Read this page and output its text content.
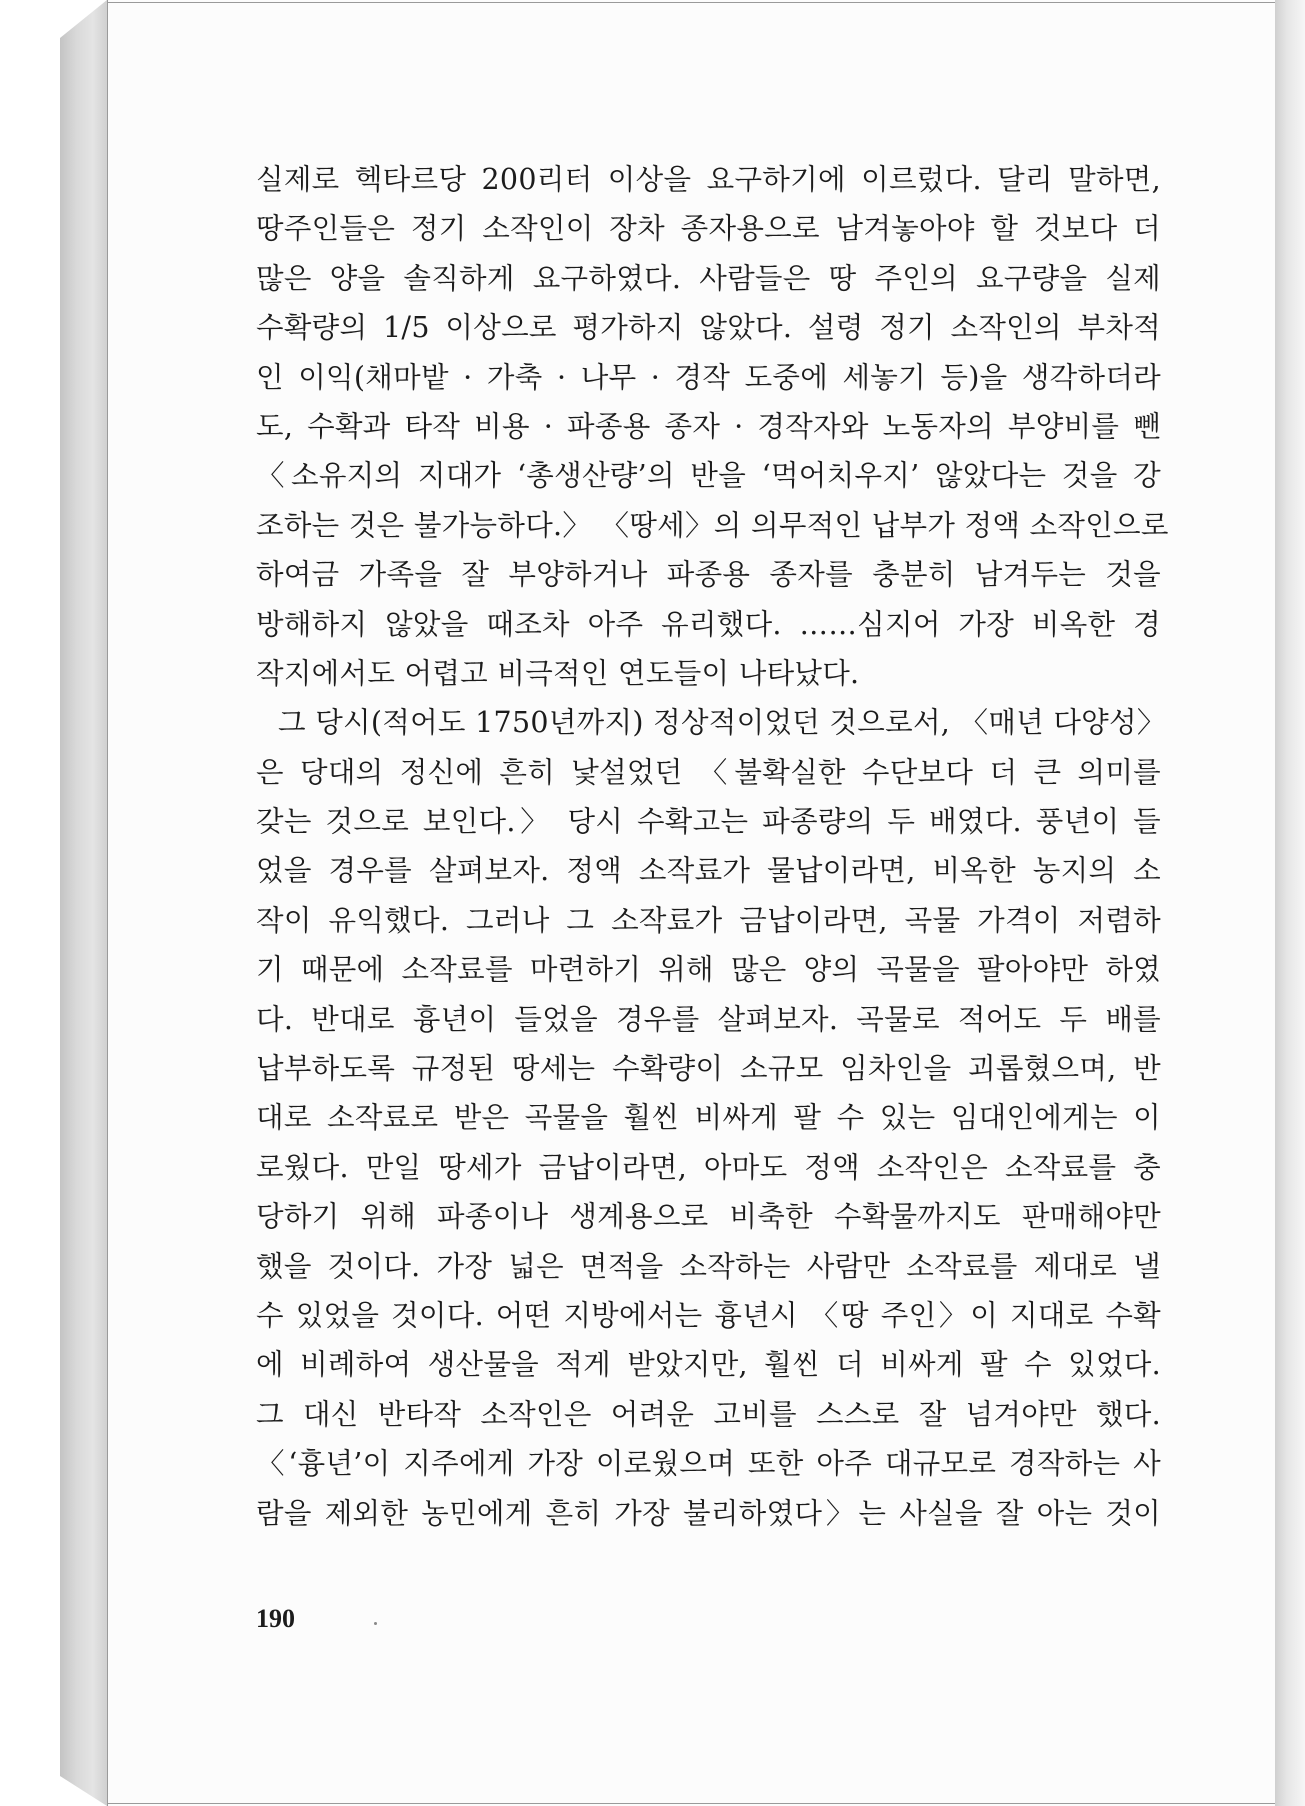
실제로 헥타르당 200리터 이상을 요구하기에 이르렀다. 달리 말하면,
땅주인들은 정기 소작인이 장차 종자용으로 남겨놓아야 할 것보다 더
많은 양을 솔직하게 요구하였다. 사람들은 땅 주인의 요구량을 실제
수확량의 1/5 이상으로 평가하지 않았다. 설령 정기 소작인의 부차적
인 이익(채마밭 · 가축 · 나무 · 경작 도중에 세놓기 등)을 생각하더라
도, 수확과 타작 비용 · 파종용 종자 · 경작자와 노동자의 부양비를 뺀
〈소유지의 지대가 ‘총생산량’의 반을 ‘먹어치우지’ 않았다는 것을 강
조하는 것은 불가능하다.〉 〈땅세〉의 의무적인 납부가 정액 소작인으로
하여금 가족을 잘 부양하거나 파종용 종자를 충분히 남겨두는 것을
방해하지 않았을 때조차 아주 유리했다. ……심지어 가장 비옥한 경
작지에서도 어렵고 비극적인 연도들이 나타났다.
그 당시(적어도 1750년까지) 정상적이었던 것으로서, 〈매년 다양성〉
은 당대의 정신에 흔히 낯설었던 〈불확실한 수단보다 더 큰 의미를
갖는 것으로 보인다.〉 당시 수확고는 파종량의 두 배였다. 풍년이 들
었을 경우를 살펴보자. 정액 소작료가 물납이라면, 비옥한 농지의 소
작이 유익했다. 그러나 그 소작료가 금납이라면, 곡물 가격이 저렴하
기 때문에 소작료를 마련하기 위해 많은 양의 곡물을 팔아야만 하였
다. 반대로 흉년이 들었을 경우를 살펴보자. 곡물로 적어도 두 배를
납부하도록 규정된 땅세는 수확량이 소규모 임차인을 괴롭혔으며, 반
대로 소작료로 받은 곡물을 훨씬 비싸게 팔 수 있는 임대인에게는 이
로웠다. 만일 땅세가 금납이라면, 아마도 정액 소작인은 소작료를 충
당하기 위해 파종이나 생계용으로 비축한 수확물까지도 판매해야만
했을 것이다. 가장 넓은 면적을 소작하는 사람만 소작료를 제대로 낼
수 있었을 것이다. 어떤 지방에서는 흉년시 〈땅 주인〉이 지대로 수확
에 비례하여 생산물을 적게 받았지만, 훨씬 더 비싸게 팔 수 있었다.
그 대신 반타작 소작인은 어려운 고비를 스스로 잘 넘겨야만 했다.
〈‘흉년’이 지주에게 가장 이로웠으며 또한 아주 대규모로 경작하는 사
람을 제외한 농민에게 흔히 가장 불리하였다〉는 사실을 잘 아는 것이
190
